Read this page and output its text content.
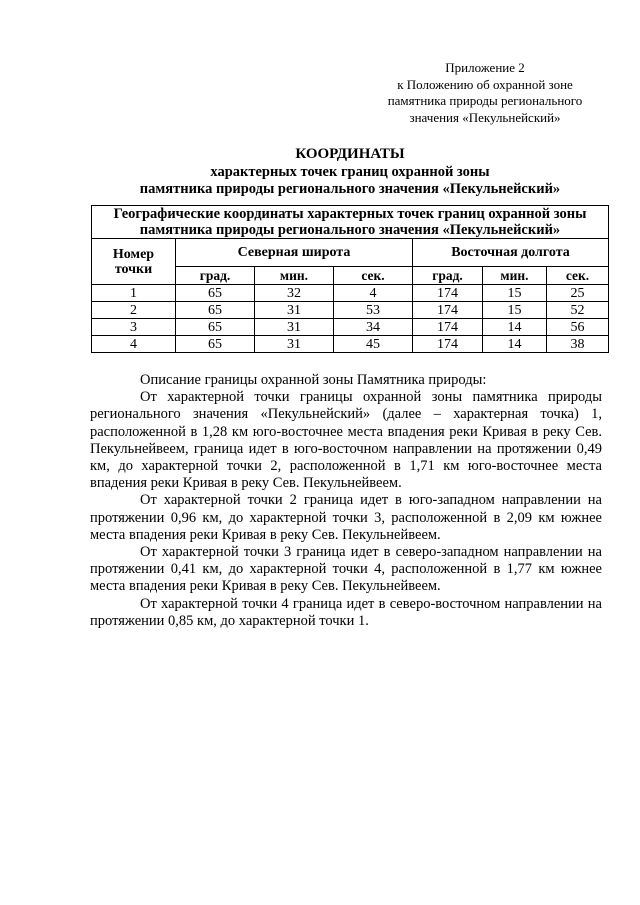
Приложение 2
к Положению об охранной зоне
памятника природы регионального
значения «Пекульнейский»
КООРДИНАТЫ
характерных точек границ охранной зоны
памятника природы регионального значения «Пекульнейский»
Географические координаты характерных точек границ охранной зоны
памятника природы регионального значения «Пекульнейский»						

Номер
точки	Северная широта			Восточная долгота		
	град.	мин.	сек.	град.	мин.	сек.
1	65	32	4	174	15	25
2	65	31	53	174	15	52
3	65	31	34	174	14	56
4	65	31	45	174	14	38

Описание границы охранной зоны Памятника природы:

От характерной точки границы охранной зоны памятника природы регионального значения «Пекульнейский» (далее – характерная точка) 1, расположенной в 1,28 км юго-восточнее места впадения реки Кривая в реку Сев. Пекульнейвеем, граница идет в юго-восточном направлении на протяжении 0,49 км, до характерной точки 2, расположенной в 1,71 км юго-восточнее места впадения реки Кривая в реку Сев. Пекульнейвеем.

От характерной точки 2 граница идет в юго-западном направлении на протяжении 0,96 км, до характерной точки 3, расположенной в 2,09 км южнее места впадения реки Кривая в реку Сев. Пекульнейвеем.

От характерной точки 3 граница идет в северо-западном направлении на протяжении 0,41 км, до характерной точки 4, расположенной в 1,77 км южнее места впадения реки Кривая в реку Сев. Пекульнейвеем.

От характерной точки 4 граница идет в северо-восточном направлении на протяжении 0,85 км, до характерной точки 1.
